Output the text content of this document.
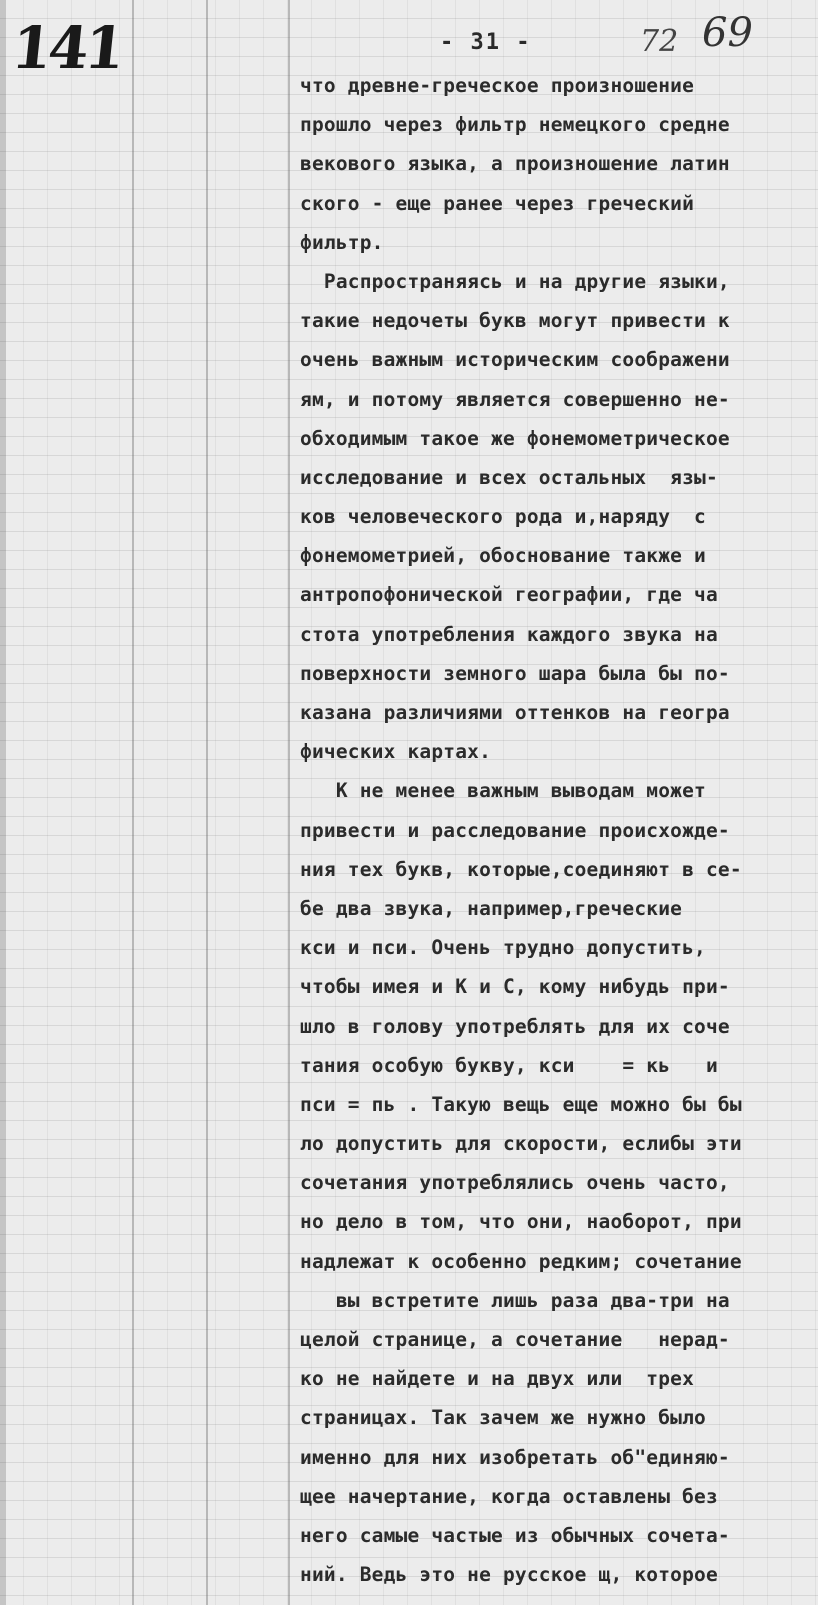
141	- 31 -	72 69
что древне-греческое произношение
прошло через фильтр немецкого средне
векового языка, а произношение латин
ского - еще ранее через греческий
фильтр.
Распространяясь и на другие языки,
такие недочеты букв могут привести к
очень важным историческим соображени
ям, и потому является совершенно не-
обходимым такое же фонемометрическое
исследование и всех остальных  язы-
ков человеческого рода и,наряду  с
фонемометрией, обоснование также и
антропофонической географии, где ча
стота употребления каждого звука на
поверхности земного шара была бы по-
казана различиями оттенков на геогра
фических картах.
К не менее важным выводам может
привести и расследование происхожде-
ния тех букв, которые,соединяют в се-
бе два звука, например,греческие
кси и пси. Очень трудно допустить,
чтобы имея и К и С, кому нибудь при-
шло в голову употреблять для их соче
тания особую букву, кси    = кь   и
пси = пь . Такую вещь еще можно бы бы
ло допустить для скорости, еслибы эти
сочетания употреблялись очень часто,
но дело в том, что они, наоборот, при
надлежат к особенно редким; сочетание
вы встретите лишь раза два-три на
целой странице, а сочетание   нерад-
ко не найдете и на двух или  трех
страницах. Так зачем же нужно было
именно для них изобретать об"единяю-
щее начертание, когда оставлены без
него самые частые из обычных сочета-
ний. Ведь это не русское щ, которое
